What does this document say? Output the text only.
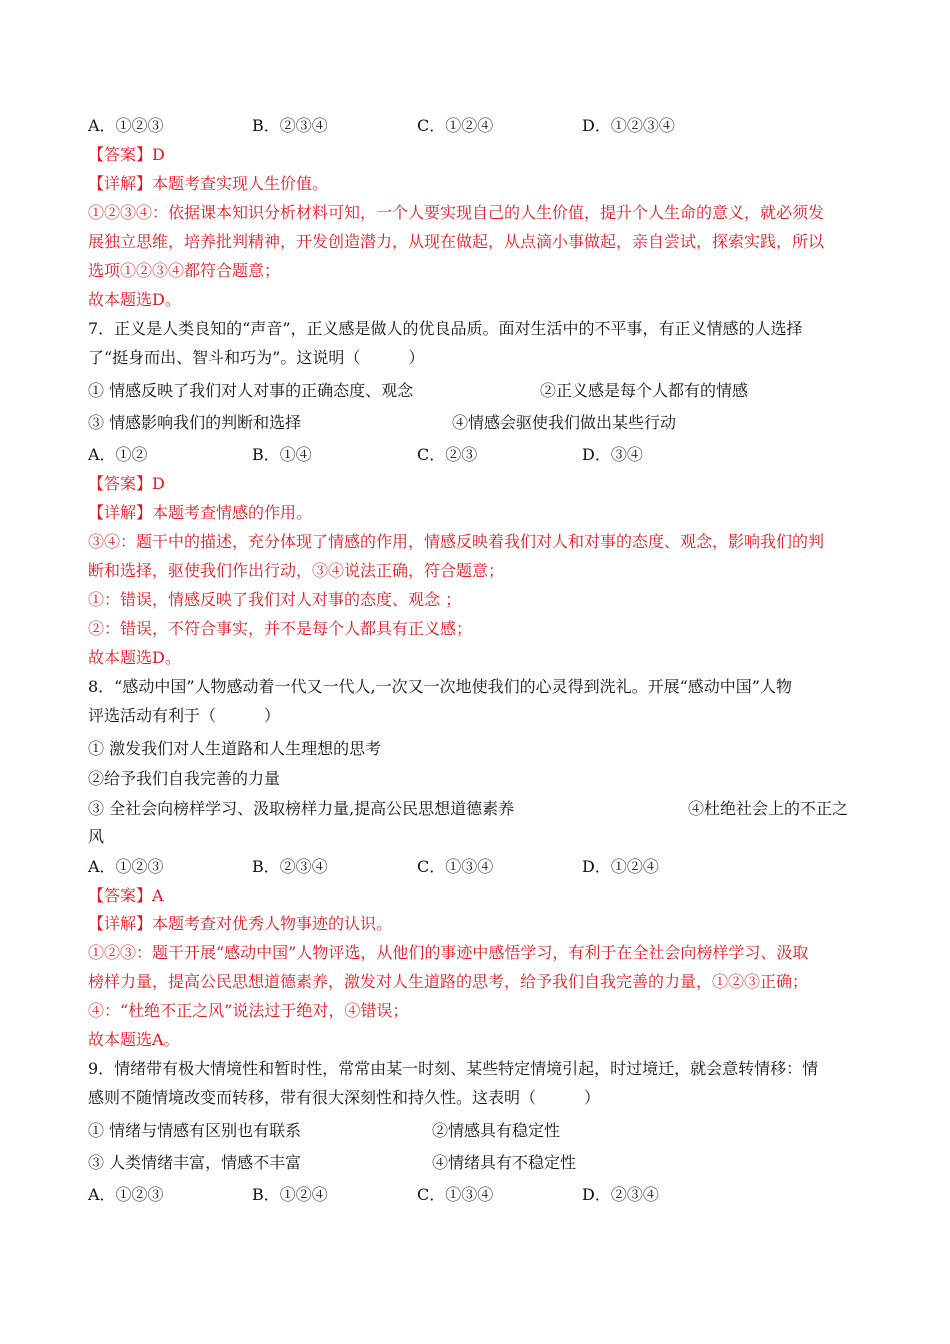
A．①②③	B．②③④	C．①②④	D．①②③④
【答案】D
【详解】本题考查实现人生价值。
①②③④：依据课本知识分析材料可知，一个人要实现自己的人生价值，提升个人生命的意义，就必须发
展独立思维，培养批判精神，开发创造潜力，从现在做起，从点滴小事做起，亲自尝试，探索实践，所以
选项①②③④都符合题意；
故本题选D。
7．正义是人类良知的“声音”，正义感是做人的优良品质。面对生活中的不平事，有正义情感的人选择
了“挺身而出、智斗和巧为”。这说明（　　　）
① 情感反映了我们对人对事的正确态度、观念	②正义感是每个人都有的情感
③ 情感影响我们的判断和选择	④情感会驱使我们做出某些行动
A．①②	B．①④	C．②③	D．③④
【答案】D
【详解】本题考查情感的作用。
③④：题干中的描述，充分体现了情感的作用，情感反映着我们对人和对事的态度、观念，影响我们的判
断和选择，驱使我们作出行动，③④说法正确，符合题意；
①：错误，情感反映了我们对人对事的态度、观念 ；
②：错误，不符合事实，并不是每个人都具有正义感；
故本题选D。
8．“感动中国”人物感动着一代又一代人,一次又一次地使我们的心灵得到洗礼。开展“感动中国”人物
评选活动有利于（　　　）
① 激发我们对人生道路和人生理想的思考
②给予我们自我完善的力量
③ 全社会向榜样学习、汲取榜样力量,提高公民思想道德素养	④杜绝社会上的不正之
风
A．①②③	B．②③④	C．①③④	D．①②④
【答案】A
【详解】本题考查对优秀人物事迹的认识。
①②③：题干开展“感动中国”人物评选，从他们的事迹中感悟学习，有利于在全社会向榜样学习、汲取
榜样力量，提高公民思想道德素养，激发对人生道路的思考，给予我们自我完善的力量，①②③正确；
④：“杜绝不正之风”说法过于绝对，④错误；
故本题选A。
9．情绪带有极大情境性和暂时性，常常由某一时刻、某些特定情境引起，时过境迁，就会意转情移：情
感则不随情境改变而转移，带有很大深刻性和持久性。这表明（　　　）
① 情绪与情感有区别也有联系	②情感具有稳定性
③ 人类情绪丰富，情感不丰富	④情绪具有不稳定性
A．①②③	B．①②④	C．①③④	D．②③④
